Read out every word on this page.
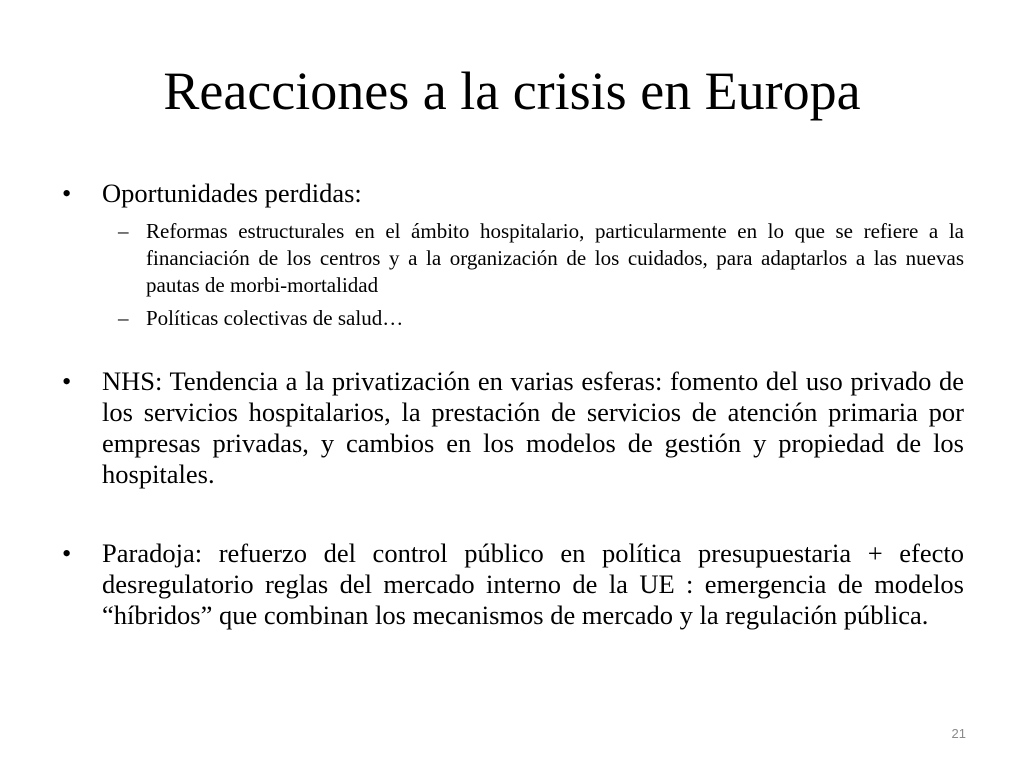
Reacciones a la crisis en Europa
•	Oportunidades perdidas:
– Reformas estructurales en el ámbito hospitalario, particularmente en lo que se refiere a la financiación de los centros y a la organización de los cuidados, para adaptarlos a las nuevas pautas de morbi-mortalidad
– Políticas colectivas de salud…
•	NHS: Tendencia a la privatización en varias esferas: fomento del uso privado de los servicios hospitalarios, la prestación de servicios de atención primaria por empresas privadas, y cambios en los modelos de gestión y propiedad de los hospitales.
•	Paradoja: refuerzo del control público en política presupuestaria + efecto desregulatorio reglas del mercado interno de la UE : emergencia de modelos “híbridos” que combinan los mecanismos de mercado y la regulación pública.
21
